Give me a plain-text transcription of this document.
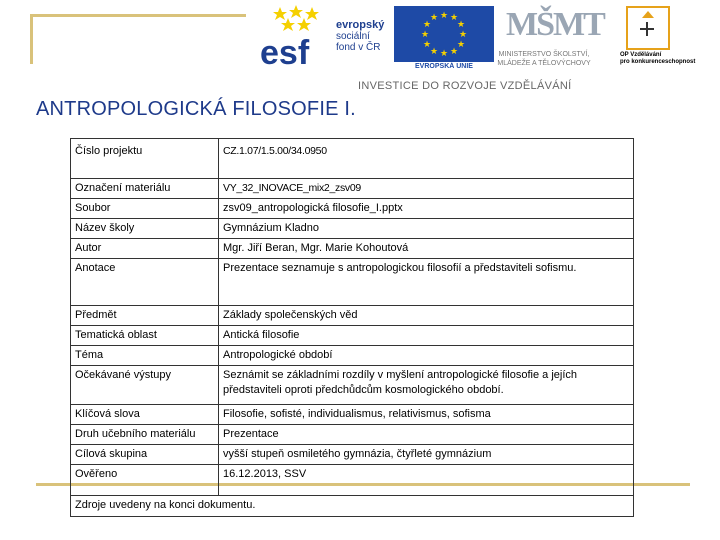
esf
evropský
sociální
fond v ČR
★ ★
★
★
★
★
★
★
★
★
★
★
EVROPSKÁ UNIE
MŠMT
MINISTERSTVO ŠKOLSTVÍ,
MLÁDEŽE A TĚLOVÝCHOVY
OP Vzdělávání
pro konkurenceschopnost
INVESTICE DO ROZVOJE VZDĚLÁVÁNÍ
ANTROPOLOGICKÁ FILOSOFIE I.
Číslo projektu	CZ.1.07/1.5.00/34.0950
Označení materiálu	VY_32_INOVACE_mix2_zsv09
Soubor	zsv09_antropologická filosofie_I.pptx
Název školy	Gymnázium Kladno
Autor	Mgr. Jiří Beran, Mgr. Marie Kohoutová
Anotace	Prezentace seznamuje s antropologickou filosofií a představiteli sofismu.
Předmět	Základy společenských věd
Tematická oblast	Antická filosofie
Téma	Antropologické období
Očekávané výstupy	Seznámit se základními rozdíly v myšlení antropologické filosofie a jejích představiteli oproti předchůdcům kosmologického období.
Klíčová slova	Filosofie, sofisté, individualismus, relativismus, sofisma
Druh učebního materiálu	Prezentace
Cílová skupina	vyšší stupeň osmiletého gymnázia, čtyřleté gymnázium
Ověřeno	16.12.2013, SSV
Zdroje uvedeny na konci dokumentu.	
